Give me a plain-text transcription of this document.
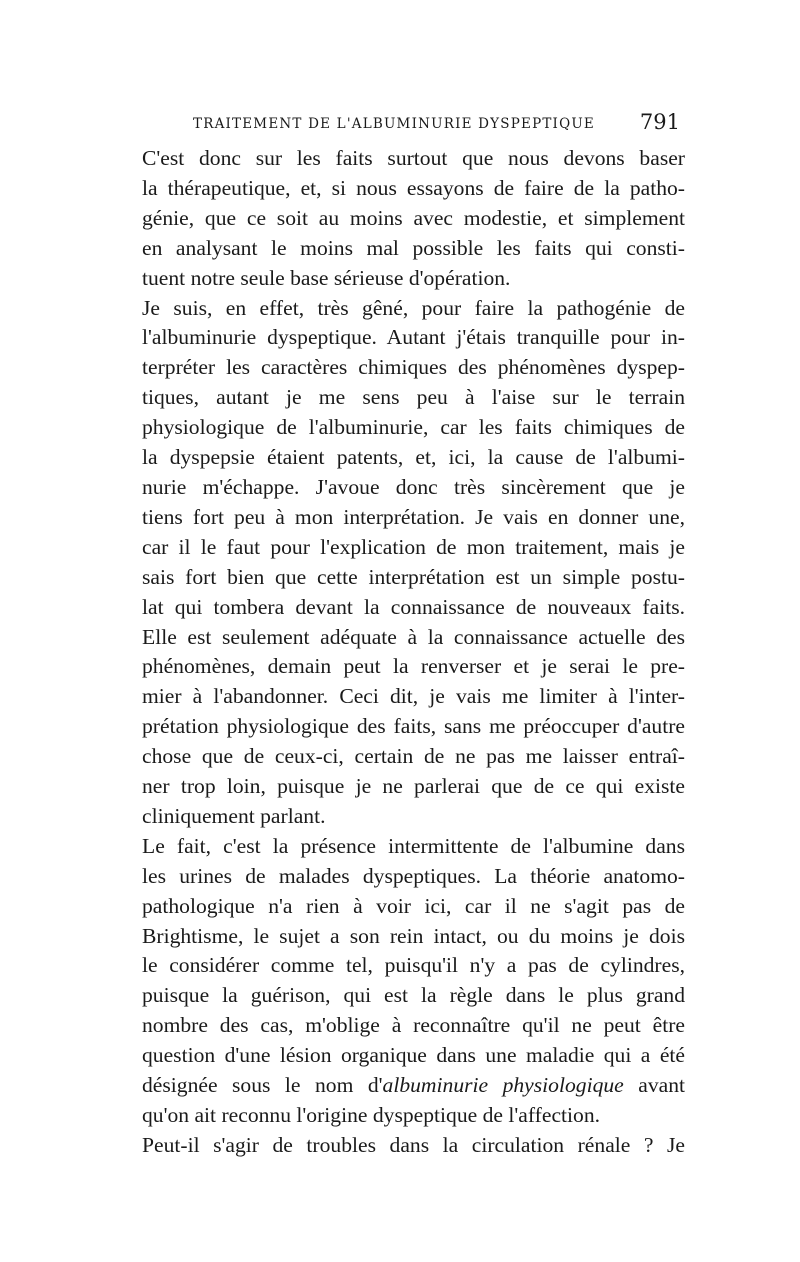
TRAITEMENT DE L'ALBUMINURIE DYSPEPTIQUE 791

C'est donc sur les faits surtout que nous devons baser
la thérapeutique, et, si nous essayons de faire de la patho-
génie, que ce soit au moins avec modestie, et simplement
en analysant le moins mal possible les faits qui consti-
tuent notre seule base sérieuse d'opération.

Je suis, en effet, très gêné, pour faire la pathogénie de
l'albuminurie dyspeptique. Autant j'étais tranquille pour in-
terpréter les caractères chimiques des phénomènes dyspep-
tiques, autant je me sens peu à l'aise sur le terrain
physiologique de l'albuminurie, car les faits chimiques de
la dyspepsie étaient patents, et, ici, la cause de l'albumi-
nurie m'échappe. J'avoue donc très sincèrement que je
tiens fort peu à mon interprétation. Je vais en donner une,
car il le faut pour l'explication de mon traitement, mais je
sais fort bien que cette interprétation est un simple postu-
lat qui tombera devant la connaissance de nouveaux faits.
Elle est seulement adéquate à la connaissance actuelle des
phénomènes, demain peut la renverser et je serai le pre-
mier à l'abandonner. Ceci dit, je vais me limiter à l'inter-
prétation physiologique des faits, sans me préoccuper d'autre
chose que de ceux-ci, certain de ne pas me laisser entraî-
ner trop loin, puisque je ne parlerai que de ce qui existe
cliniquement parlant.

Le fait, c'est la présence intermittente de l'albumine dans
les urines de malades dyspeptiques. La théorie anatomo-
pathologique n'a rien à voir ici, car il ne s'agit pas de
Brightisme, le sujet a son rein intact, ou du moins je dois
le considérer comme tel, puisqu'il n'y a pas de cylindres,
puisque la guérison, qui est la règle dans le plus grand
nombre des cas, m'oblige à reconnaître qu'il ne peut être
question d'une lésion organique dans une maladie qui a été
désignée sous le nom d'albuminurie physiologique avant
qu'on ait reconnu l'origine dyspeptique de l'affection.

Peut-il s'agir de troubles dans la circulation rénale ? Je
